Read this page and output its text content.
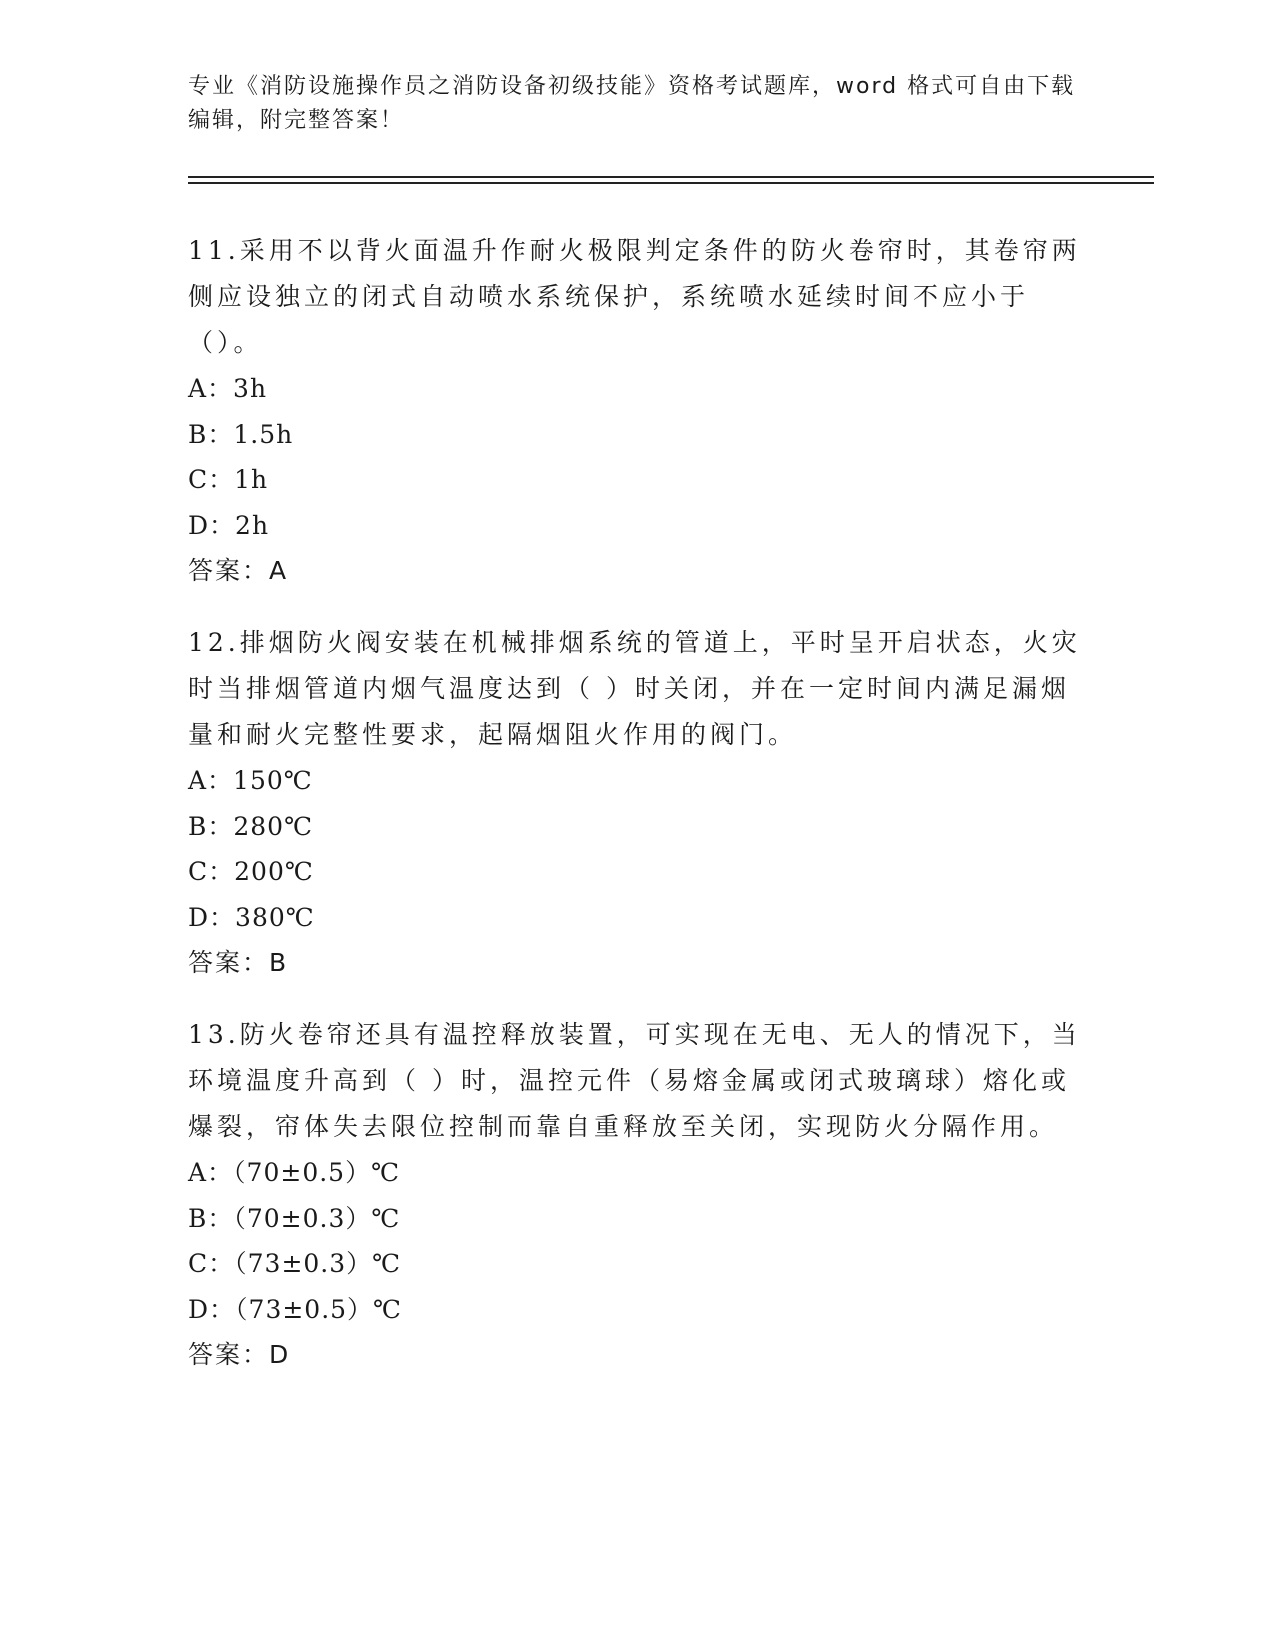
专业《消防设施操作员之消防设备初级技能》资格考试题库，word 格式可自由下载编辑，附完整答案！

11.采用不以背火面温升作耐火极限判定条件的防火卷帘时，其卷帘两侧应设独立的闭式自动喷水系统保护，系统喷水延续时间不应小于（）。

A：3h
B：1.5h
C：1h
D：2h
答案：A

12.排烟防火阀安装在机械排烟系统的管道上，平时呈开启状态，火灾时当排烟管道内烟气温度达到（ ）时关闭，并在一定时间内满足漏烟量和耐火完整性要求，起隔烟阻火作用的阀门。

A：150℃
B：280℃
C：200℃
D：380℃
答案：B

13.防火卷帘还具有温控释放装置，可实现在无电、无人的情况下，当环境温度升高到（ ）时，温控元件（易熔金属或闭式玻璃球）熔化或爆裂，帘体失去限位控制而靠自重释放至关闭，实现防火分隔作用。

A：（70±0.5）℃
B：（70±0.3）℃
C：（73±0.3）℃
D：（73±0.5）℃
答案：D
